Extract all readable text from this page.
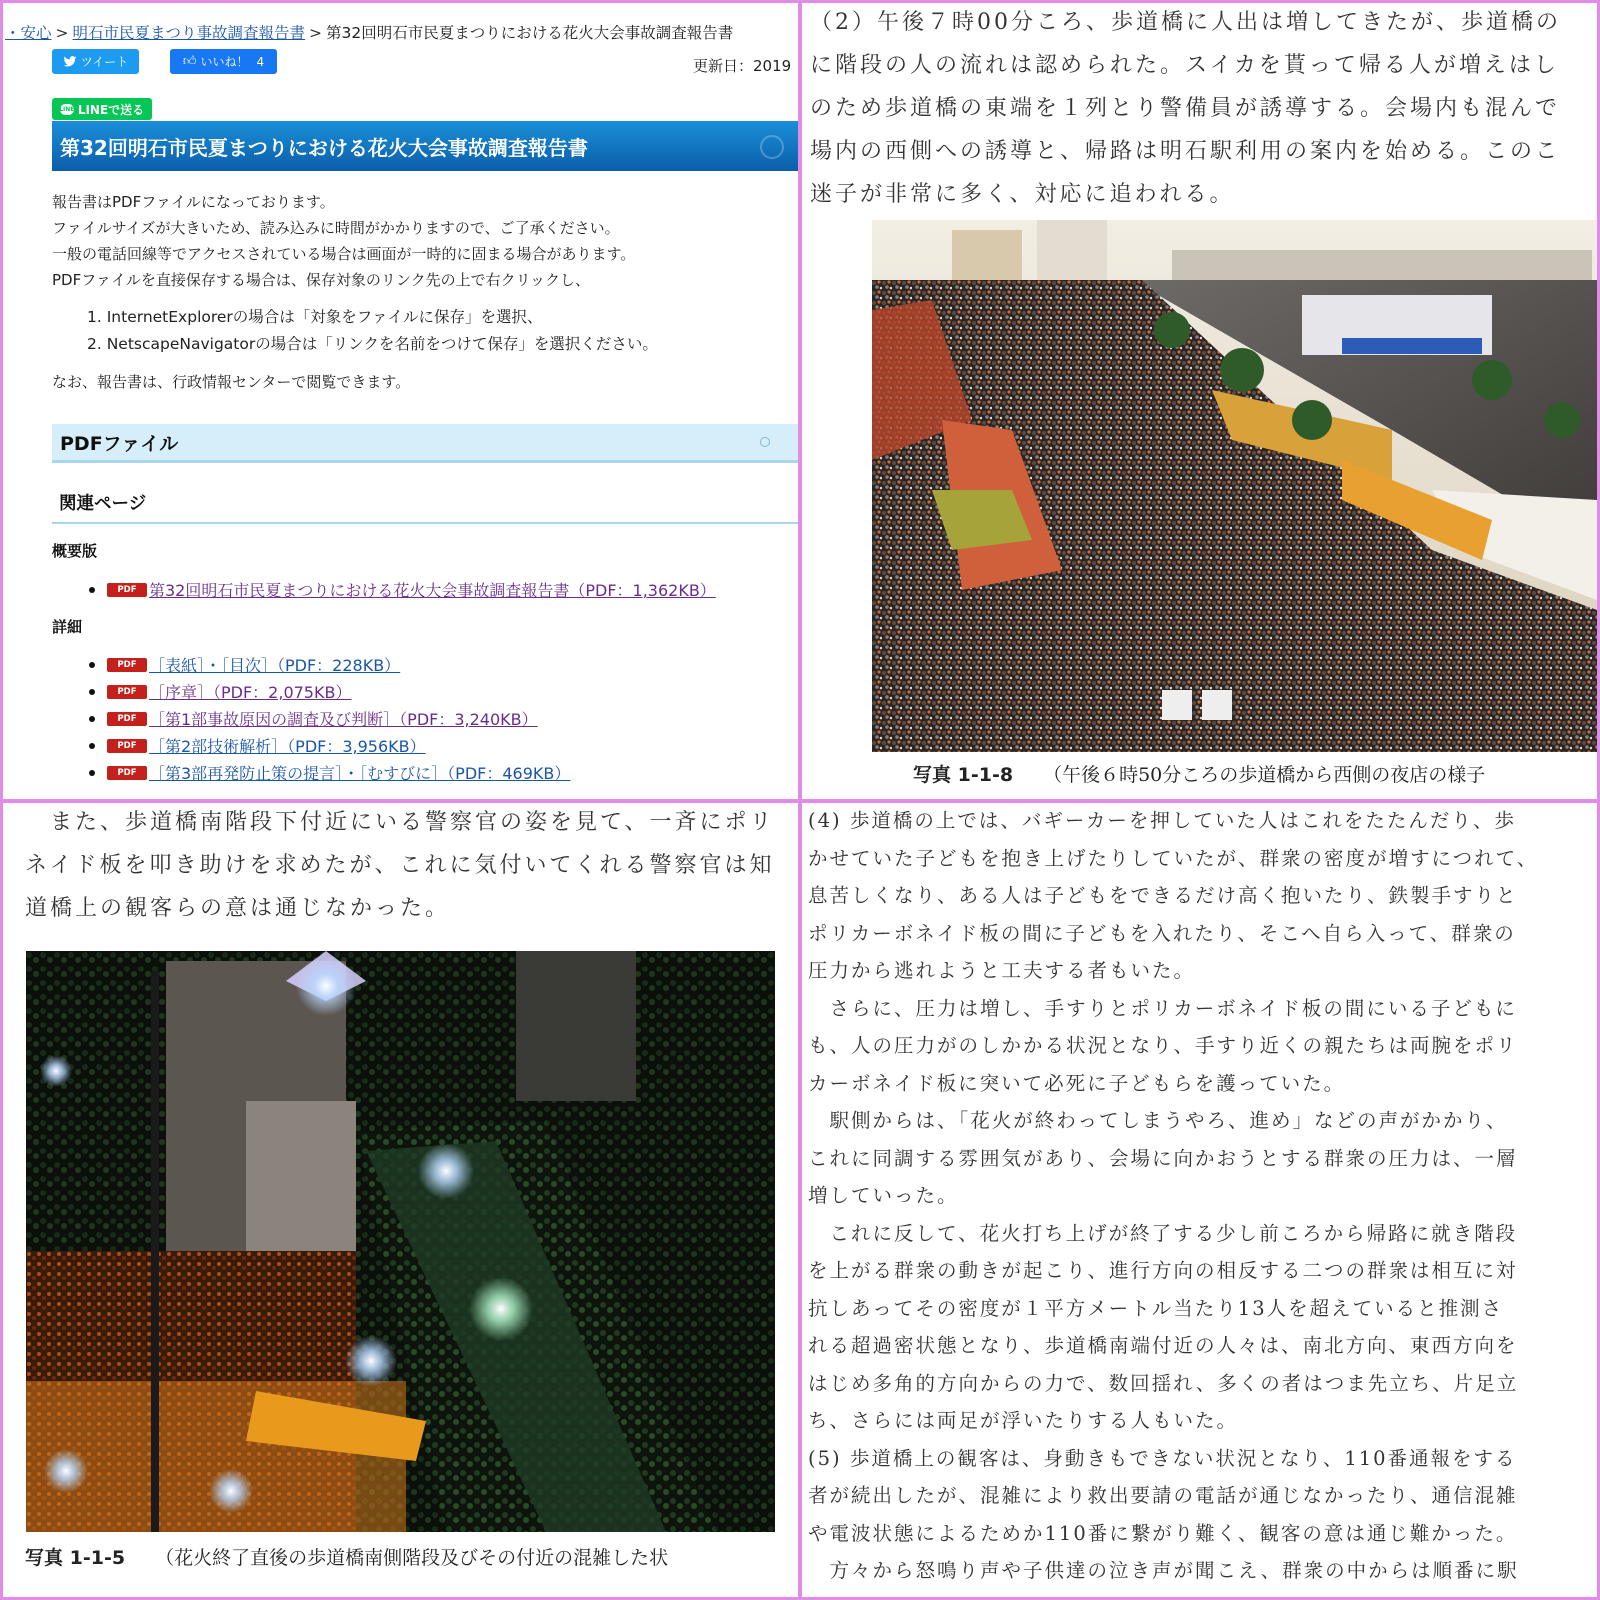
・安心 > 明石市民夏まつり事故調査報告書 > 第32回明石市民夏まつりにおける花火大会事故調査報告書
ツイート	👍︎ いいね！ 4	更新日：2019
LINE LINEで送る
第32回明石市民夏まつりにおける花火大会事故調査報告書
報告書はPDFファイルになっております。
ファイルサイズが大きいため、読み込みに時間がかかりますので、ご了承ください。
一般の電話回線等でアクセスされている場合は画面が一時的に固まる場合があります。
PDFファイルを直接保存する場合は、保存対象のリンク先の上で右クリックし、
1. InternetExplorerの場合は「対象をファイルに保存」を選択、
2. NetscapeNavigatorの場合は「リンクを名前をつけて保存」を選択ください。
なお、報告書は、行政情報センターで閲覧できます。
PDFファイル
関連ページ
概要版
PDF 第32回明石市民夏まつりにおける花火大会事故調査報告書（PDF：1,362KB）
詳細
PDF ［表紙］・［目次］（PDF：228KB）
PDF ［序章］（PDF：2,075KB）
PDF ［第1部事故原因の調査及び判断］（PDF：3,240KB）
PDF ［第2部技術解析］（PDF：3,956KB）
PDF ［第3部再発防止策の提言］・［むすびに］（PDF：469KB）
（2）午後７時00分ころ、歩道橋に人出は増してきたが、歩道橋の
に階段の人の流れは認められた。スイカを貰って帰る人が増えはし
のため歩道橋の東端を１列とり警備員が誘導する。会場内も混んで
場内の西側への誘導と、帰路は明石駅利用の案内を始める。このこ
迷子が非常に多く、対応に追われる。
写真 1-1-8 （午後６時50分ころの歩道橋から西側の夜店の様子
　また、歩道橋南階段下付近にいる警察官の姿を見て、一斉にポリ
ネイド板を叩き助けを求めたが、これに気付いてくれる警察官は知
道橋上の観客らの意は通じなかった。
写真 1-1-5 （花火終了直後の歩道橋南側階段及びその付近の混雑した状
(4) 歩道橋の上では、バギーカーを押していた人はこれをたたんだり、歩
かせていた子どもを抱き上げたりしていたが、群衆の密度が増すにつれて、
息苦しくなり、ある人は子どもをできるだけ高く抱いたり、鉄製手すりと
ポリカーボネイド板の間に子どもを入れたり、そこへ自ら入って、群衆の
圧力から逃れようと工夫する者もいた。
　さらに、圧力は増し、手すりとポリカーボネイド板の間にいる子どもに
も、人の圧力がのしかかる状況となり、手すり近くの親たちは両腕をポリ
カーボネイド板に突いて必死に子どもらを護っていた。
　駅側からは、「花火が終わってしまうやろ、進め」などの声がかかり、
これに同調する雰囲気があり、会場に向かおうとする群衆の圧力は、一層
増していった。
　これに反して、花火打ち上げが終了する少し前ころから帰路に就き階段
を上がる群衆の動きが起こり、進行方向の相反する二つの群衆は相互に対
抗しあってその密度が１平方メートル当たり13人を超えていると推測さ
れる超過密状態となり、歩道橋南端付近の人々は、南北方向、東西方向を
はじめ多角的方向からの力で、数回揺れ、多くの者はつま先立ち、片足立
ち、さらには両足が浮いたりする人もいた。
(5) 歩道橋上の観客は、身動きもできない状況となり、110番通報をする
者が続出したが、混雑により救出要請の電話が通じなかったり、通信混雑
や電波状態によるためか110番に繋がり難く、観客の意は通じ難かった。
　方々から怒鳴り声や子供達の泣き声が聞こえ、群衆の中からは順番に駅
